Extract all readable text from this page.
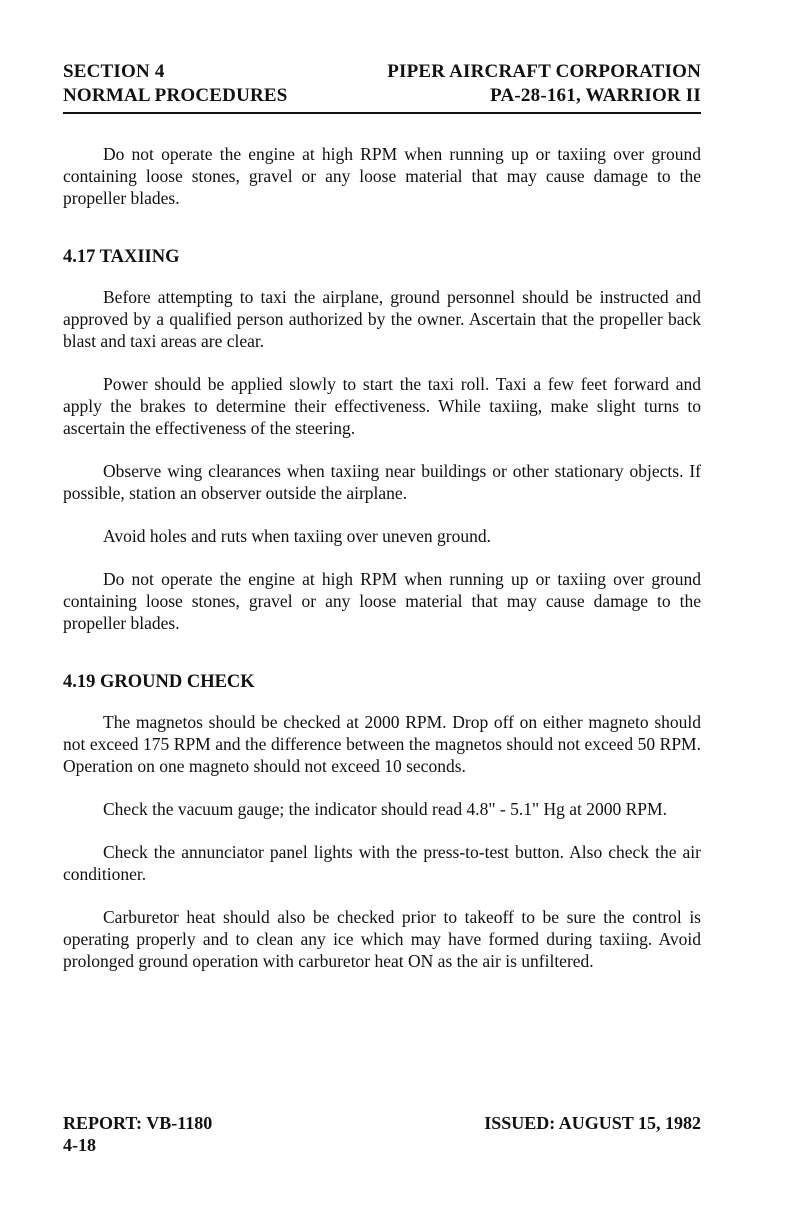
SECTION 4	PIPER AIRCRAFT CORPORATION
NORMAL PROCEDURES	PA-28-161, WARRIOR II

Do not operate the engine at high RPM when running up or taxiing over ground containing loose stones, gravel or any loose material that may cause damage to the propeller blades.

4.17 TAXIING

Before attempting to taxi the airplane, ground personnel should be instructed and approved by a qualified person authorized by the owner. Ascertain that the propeller back blast and taxi areas are clear.

Power should be applied slowly to start the taxi roll. Taxi a few feet forward and apply the brakes to determine their effectiveness. While taxiing, make slight turns to ascertain the effectiveness of the steering.

Observe wing clearances when taxiing near buildings or other stationary objects. If possible, station an observer outside the airplane.

Avoid holes and ruts when taxiing over uneven ground.

Do not operate the engine at high RPM when running up or taxiing over ground containing loose stones, gravel or any loose material that may cause damage to the propeller blades.

4.19 GROUND CHECK

The magnetos should be checked at 2000 RPM. Drop off on either magneto should not exceed 175 RPM and the difference between the magnetos should not exceed 50 RPM. Operation on one magneto should not exceed 10 seconds.

Check the vacuum gauge; the indicator should read 4.8" - 5.1" Hg at 2000 RPM.

Check the annunciator panel lights with the press-to-test button. Also check the air conditioner.

Carburetor heat should also be checked prior to takeoff to be sure the control is operating properly and to clean any ice which may have formed during taxiing. Avoid prolonged ground operation with carburetor heat ON as the air is unfiltered.

REPORT: VB-1180	ISSUED: AUGUST 15, 1982
4-18
